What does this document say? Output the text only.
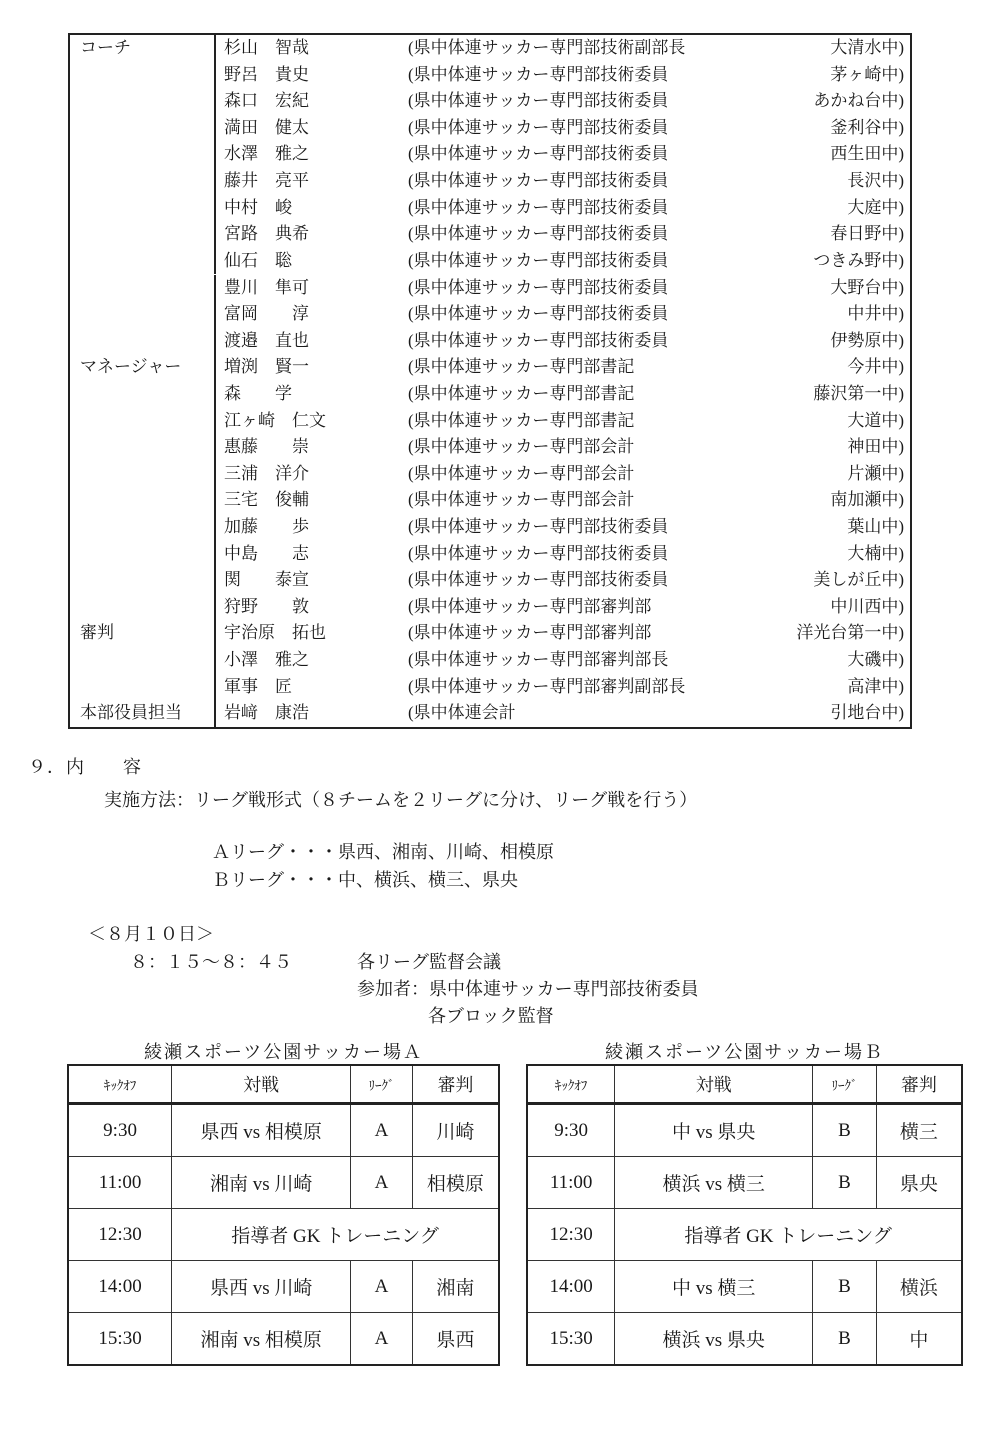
コーチ	杉山　智哉	(県中体連サッカー専門部技術副部長	大清水中)
野呂　貴史	(県中体連サッカー専門部技術委員	茅ヶ崎中)
森口　宏紀	(県中体連サッカー専門部技術委員	あかね台中)
満田　健太	(県中体連サッカー専門部技術委員	釜利谷中)
水澤　雅之	(県中体連サッカー専門部技術委員	西生田中)
藤井　亮平	(県中体連サッカー専門部技術委員	長沢中)
中村　峻	(県中体連サッカー専門部技術委員	大庭中)
宮路　典希	(県中体連サッカー専門部技術委員	春日野中)
仙石　聡	(県中体連サッカー専門部技術委員	つきみ野中)
豊川　隼可	(県中体連サッカー専門部技術委員	大野台中)
富岡　　淳	(県中体連サッカー専門部技術委員	中井中)
渡邉　直也	(県中体連サッカー専門部技術委員	伊勢原中)
マネージャー	増渕　賢一	(県中体連サッカー専門部書記	今井中)
森　　学	(県中体連サッカー専門部書記	藤沢第一中)
江ヶ崎　仁文	(県中体連サッカー専門部書記	大道中)
惠藤　　崇	(県中体連サッカー専門部会計	神田中)
三浦　洋介	(県中体連サッカー専門部会計	片瀬中)
三宅　俊輔	(県中体連サッカー専門部会計	南加瀬中)
加藤　　歩	(県中体連サッカー専門部技術委員	葉山中)
中島　　志	(県中体連サッカー専門部技術委員	大楠中)
関　　泰宣	(県中体連サッカー専門部技術委員	美しが丘中)
狩野　　敦	(県中体連サッカー専門部審判部	中川西中)
審判	宇治原　拓也	(県中体連サッカー専門部審判部	洋光台第一中)
小澤　雅之	(県中体連サッカー専門部審判部長	大磯中)
軍事　匠	(県中体連サッカー専門部審判副部長	高津中)
本部役員担当	岩﨑　康浩	(県中体連会計	引地台中)
９．内　　容
実施方法：リーグ戦形式（８チームを２リーグに分け、リーグ戦を行う）
Ａリーグ・・・県西、湘南、川崎、相模原
Ｂリーグ・・・中、横浜、横三、県央
＜８月１０日＞
８：１５～８：４５	各リーグ監督会議
参加者：県中体連サッカー専門部技術委員
各ブロック監督
綾瀬スポーツ公園サッカー場Ａ
ｷｯｸｵﾌ	対戦	ﾘｰｸﾞ	審判
9:30	県西 vs 相模原	A	川崎
11:00	湘南 vs 川崎	A	相模原
12:30	指導者 GK トレーニング		
14:00	県西 vs 川崎	A	湘南
15:30	湘南 vs 相模原	A	県西
綾瀬スポーツ公園サッカー場Ｂ
ｷｯｸｵﾌ	対戦	ﾘｰｸﾞ	審判
9:30	中 vs 県央	B	横三
11:00	横浜 vs 横三	B	県央
12:30	指導者 GK トレーニング		
14:00	中 vs 横三	B	横浜
15:30	横浜 vs 県央	B	中
